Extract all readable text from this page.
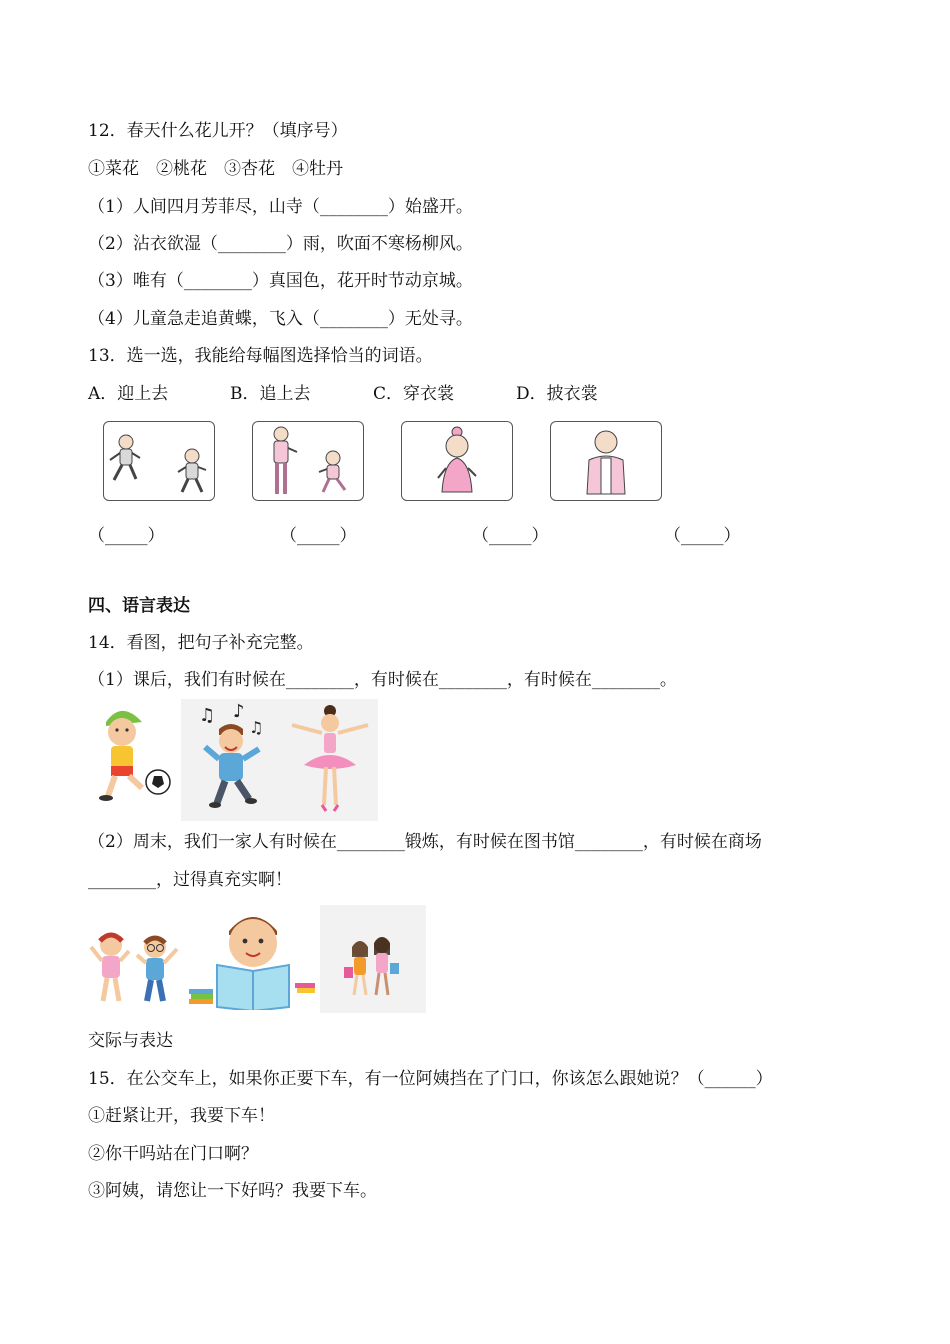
12．春天什么花儿开？（填序号）
①菜花　②桃花　③杏花　④牡丹
（1）人间四月芳菲尽，山寺（________）始盛开。
（2）沾衣欲湿（________）雨，吹面不寒杨柳风。
（3）唯有（________）真国色，花开时节动京城。
（4）儿童急走追黄蝶，飞入（________）无处寻。
13．选一选，我能给每幅图选择恰当的词语。
A．迎上去	B．追上去	C．穿衣裳	D．披衣裳
（_____）	（_____）	（_____）	（_____）
四、语言表达
14．看图，把句子补充完整。
（1）课后，我们有时候在________，有时候在________，有时候在________。
♫ ♪
♫
（2）周末，我们一家人有时候在________锻炼，有时候在图书馆________，有时候在商场
________，过得真充实啊！
交际与表达
15．在公交车上，如果你正要下车，有一位阿姨挡在了门口，你该怎么跟她说？（______）
①赶紧让开，我要下车！
②你干吗站在门口啊？
③阿姨，请您让一下好吗？我要下车。
